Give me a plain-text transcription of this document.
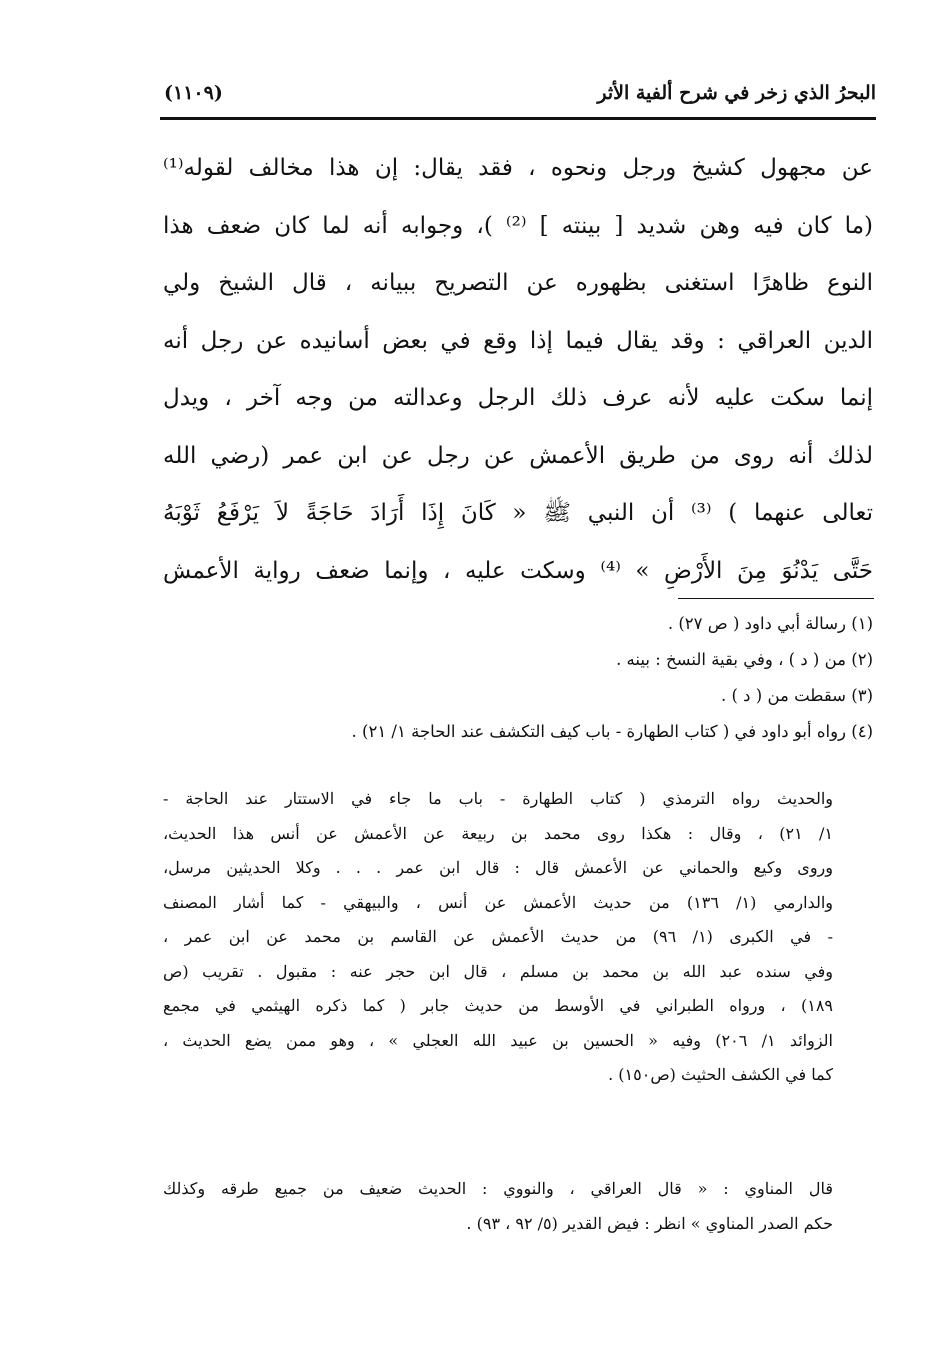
البحرُ الذي زخر في شرح ألفية الأثر
(١١٠٩)
عن مجهول كشيخ ورجل ونحوه ، فقد يقال: إن هذا مخالف لقوله⁽¹⁾
(ما كان فيه وهن شديد [ بينته ] ⁽²⁾ )، وجوابه أنه لما كان ضعف هذا
النوع ظاهرًا استغنى بظهوره عن التصريح ببيانه ، قال الشيخ ولي
الدين العراقي : وقد يقال فيما إذا وقع في بعض أسانيده عن رجل أنه
إنما سكت عليه لأنه عرف ذلك الرجل وعدالته من وجه آخر ، ويدل
لذلك أنه روى من طريق الأعمش عن رجل عن ابن عمر (رضي الله
تعالى عنهما ) ⁽³⁾ أن النبي ﷺ « كَانَ إِذَا أَرَادَ حَاجَةً لاَ يَرْفَعُ ثَوْبَهُ
حَتَّى يَدْنُوَ مِنَ الأَرْضِ » ⁽⁴⁾ وسكت عليه ، وإنما ضعف رواية الأعمش
(١) رسالة أبي داود ( ص ٢٧) .
(٢) من ( د ) ، وفي بقية النسخ : بينه .
(٣) سقطت من ( د ) .
(٤) رواه أبو داود في ( كتاب الطهارة - باب كيف التكشف عند الحاجة ١/ ٢١) .
والحديث رواه الترمذي ( كتاب الطهارة - باب ما جاء في الاستتار عند الحاجة -
١/ ٢١) ، وقال : هكذا روى محمد بن ربيعة عن الأعمش عن أنس هذا الحديث،
وروى وكيع والحماني عن الأعمش قال : قال ابن عمر . . . وكلا الحديثين مرسل،
والدارمي (١/ ١٣٦) من حديث الأعمش عن أنس ، والبيهقي - كما أشار المصنف
- في الكبرى (١/ ٩٦) من حديث الأعمش عن القاسم بن محمد عن ابن عمر ،
وفي سنده عبد الله بن محمد بن مسلم ، قال ابن حجر عنه : مقبول . تقريب (ص
١٨٩) ، ورواه الطبراني في الأوسط من حديث جابر ( كما ذكره الهيثمي في مجمع
الزوائد ١/ ٢٠٦) وفيه « الحسين بن عبيد الله العجلي » ، وهو ممن يضع الحديث ،
كما في الكشف الحثيث (ص١٥٠) .
قال المناوي : « قال العراقي ، والنووي : الحديث ضعيف من جميع طرقه وكذلك
حكم الصدر المناوي » انظر : فيض القدير (٥/ ٩٢ ، ٩٣) .
